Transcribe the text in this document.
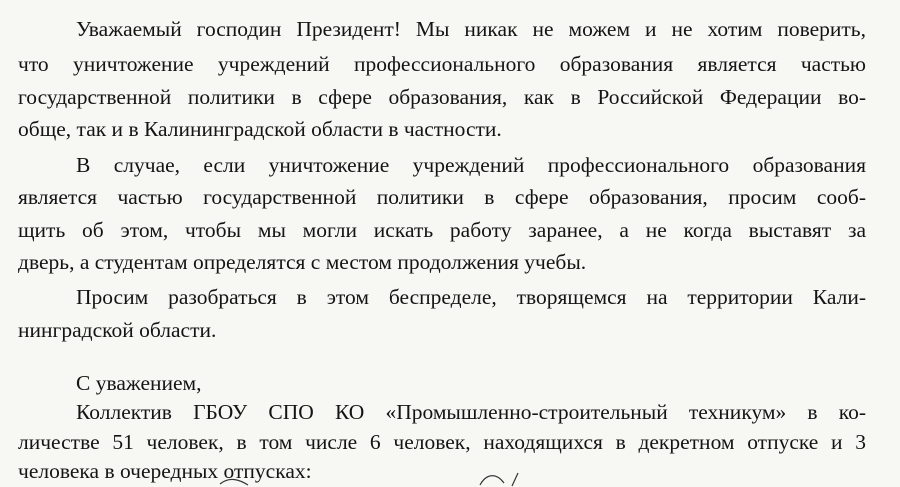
Уважаемый господин Президент! Мы никак не можем и не хотим поверить,
что уничтожение учреждений профессионального образования является частью
государственной политики в сфере образования, как в Российской Федерации во-
обще, так и в Калининградской области в частности.
В случае, если уничтожение учреждений профессионального образования
является частью государственной политики в сфере образования, просим сооб-
щить об этом, чтобы мы могли искать работу заранее, а не когда выставят за
дверь, а студентам определятся с местом продолжения учебы.
Просим разобраться в этом беспределе, творящемся на территории Кали-
нинградской области.
С уважением,
Коллектив ГБОУ СПО КО «Промышленно-строительный техникум» в ко-
личестве 51 человек, в том числе 6 человек, находящихся в декретном отпуске и 3
человека в очередных отпусках:
